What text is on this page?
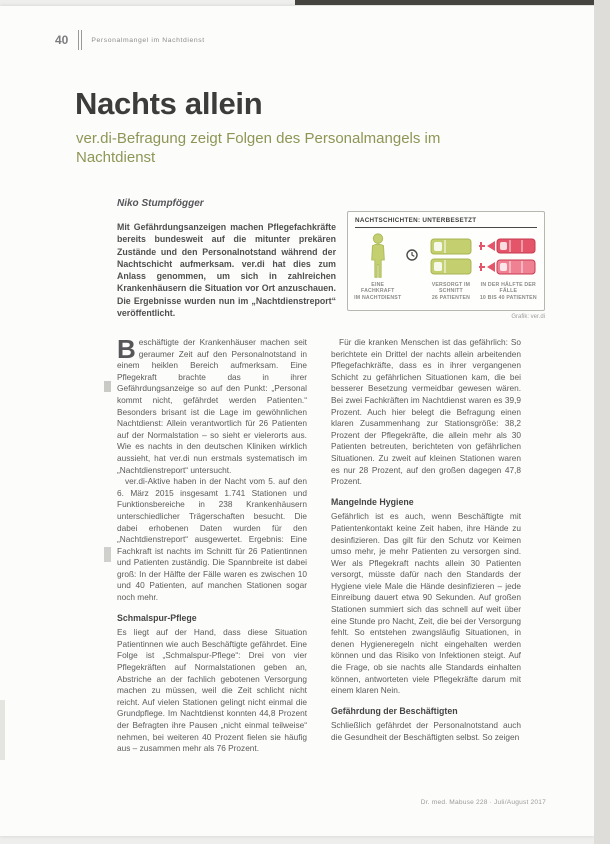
40	Personalmangel im Nachtdienst
Nachts allein
ver.di-Befragung zeigt Folgen des Personalmangels im Nachtdienst
Niko Stumpfögger
Mit Gefährdungsanzeigen machen Pflegefachkräfte bereits bundesweit auf die mitunter prekären Zustände und den Personalnotstand während der Nachtschicht aufmerksam. ver.di hat dies zum Anlass genommen, um sich in zahlreichen Krankenhäusern die Situation vor Ort anzuschauen. Die Ergebnisse wurden nun im „Nachtdienstreport“ veröffentlicht.
NACHTSCHICHTEN: UNTERBESETZT
EINE FACHKRAFT
IM NACHTDIENST
VERSORGT IM SCHNITT
26 PATIENTEN
IN DER HÄLFTE DER FÄLLE
10 BIS 40 PATIENTEN
Grafik: ver.di

Beschäftigte der Krankenhäuser machen seit geraumer Zeit auf den Personalnotstand in einem heiklen Bereich aufmerksam. Eine Pflegekraft brachte das in ihrer Gefährdungsanzeige so auf den Punkt: „Personal kommt nicht, gefährdet werden Patienten.“ Besonders brisant ist die Lage im gewöhnlichen Nachtdienst: Allein verantwortlich für 26 Patienten auf der Normalstation – so sieht er vielerorts aus. Wie es nachts in den deutschen Kliniken wirklich aussieht, hat ver.di nun erstmals systematisch im „Nachtdienstreport“ untersucht.

ver.di-Aktive haben in der Nacht vom 5. auf den 6. März 2015 insgesamt 1.741 Stationen und Funktionsbereiche in 238 Krankenhäusern unterschiedlicher Trägerschaften besucht. Die dabei erhobenen Daten wurden für den „Nachtdienstreport“ ausgewertet. Ergebnis: Eine Fachkraft ist nachts im Schnitt für 26 Patientinnen und Patienten zuständig. Die Spannbreite ist dabei groß: In der Hälfte der Fälle waren es zwischen 10 und 40 Patienten, auf manchen Stationen sogar noch mehr.

Schmalspur-Pflege

Es liegt auf der Hand, dass diese Situation Patientinnen wie auch Beschäftigte gefährdet. Eine Folge ist „Schmalspur-Pflege“: Drei von vier Pflegekräften auf Normalstationen geben an, Abstriche an der fachlich gebotenen Versorgung machen zu müssen, weil die Zeit schlicht nicht reicht. Auf vielen Stationen gelingt nicht einmal die Grundpflege. Im Nachtdienst konnten 44,8 Prozent der Befragten ihre Pausen „nicht einmal teilweise“ nehmen, bei weiteren 40 Prozent fielen sie häufig aus – zusammen mehr als 76 Prozent.

Für die kranken Menschen ist das gefährlich: So berichtete ein Drittel der nachts allein arbeitenden Pflegefachkräfte, dass es in ihrer vergangenen Schicht zu gefährlichen Situationen kam, die bei besserer Besetzung vermeidbar gewesen wären. Bei zwei Fachkräften im Nachtdienst waren es 39,9 Prozent. Auch hier belegt die Befragung einen klaren Zusammenhang zur Stationsgröße: 38,2 Prozent der Pflegekräfte, die allein mehr als 30 Patienten betreuten, berichteten von gefährlichen Situationen. Zu zweit auf kleinen Stationen waren es nur 28 Prozent, auf den großen dagegen 47,8 Prozent.

Mangelnde Hygiene

Gefährlich ist es auch, wenn Beschäftigte mit Patientenkontakt keine Zeit haben, ihre Hände zu desinfizieren. Das gilt für den Schutz vor Keimen umso mehr, je mehr Patienten zu versorgen sind. Wer als Pflegekraft nachts allein 30 Patienten versorgt, müsste dafür nach den Standards der Hygiene viele Male die Hände desinfizieren – jede Einreibung dauert etwa 90 Sekunden. Auf großen Stationen summiert sich das schnell auf weit über eine Stunde pro Nacht, Zeit, die bei der Versorgung fehlt. So entstehen zwangsläufig Situationen, in denen Hygieneregeln nicht eingehalten werden können und das Risiko von Infektionen steigt. Auf die Frage, ob sie nachts alle Standards einhalten können, antworteten viele Pflegekräfte darum mit einem klaren Nein.

Gefährdung der Beschäftigten

Schließlich gefährdet der Personalnotstand auch die Gesundheit der Beschäftigten selbst. So zeigen

Dr. med. Mabuse 228 · Juli/August 2017
